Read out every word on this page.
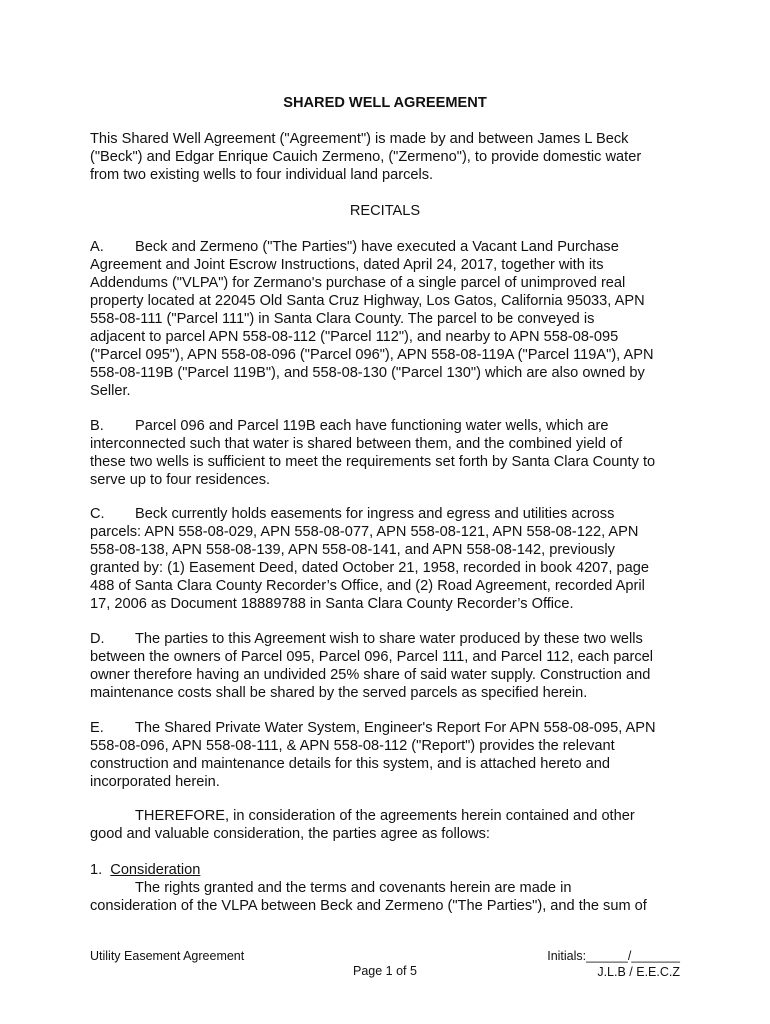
SHARED WELL AGREEMENT
This Shared Well Agreement ("Agreement") is made by and between James L Beck
("Beck") and Edgar Enrique Cauich Zermeno, ("Zermeno"), to provide domestic water
from two existing wells to four individual land parcels.
RECITALS
A. Beck and Zermeno ("The Parties") have executed a Vacant Land Purchase
Agreement and Joint Escrow Instructions, dated April 24, 2017, together with its
Addendums ("VLPA") for Zermano's purchase of a single parcel of unimproved real
property located at 22045 Old Santa Cruz Highway, Los Gatos, California 95033, APN
558-08-111 ("Parcel 111") in Santa Clara County. The parcel to be conveyed is
adjacent to parcel APN 558-08-112 ("Parcel 112"), and nearby to APN 558-08-095
("Parcel 095"), APN 558-08-096 ("Parcel 096"), APN 558-08-119A ("Parcel 119A"), APN
558-08-119B ("Parcel 119B"), and 558-08-130 ("Parcel 130") which are also owned by
Seller.
B. Parcel 096 and Parcel 119B each have functioning water wells, which are
interconnected such that water is shared between them, and the combined yield of
these two wells is sufficient to meet the requirements set forth by Santa Clara County to
serve up to four residences.
C. Beck currently holds easements for ingress and egress and utilities across
parcels: APN 558-08-029, APN 558-08-077, APN 558-08-121, APN 558-08-122, APN
558-08-138, APN 558-08-139, APN 558-08-141, and APN 558-08-142, previously
granted by: (1) Easement Deed, dated October 21, 1958, recorded in book 4207, page
488 of Santa Clara County Recorder’s Office, and (2) Road Agreement, recorded April
17, 2006 as Document 18889788 in Santa Clara County Recorder’s Office.
D. The parties to this Agreement wish to share water produced by these two wells
between the owners of Parcel 095, Parcel 096, Parcel 111, and Parcel 112, each parcel
owner therefore having an undivided 25% share of said water supply. Construction and
maintenance costs shall be shared by the served parcels as specified herein.
E. The Shared Private Water System, Engineer's Report For APN 558-08-095, APN
558-08-096, APN 558-08-111, & APN 558-08-112 ("Report") provides the relevant
construction and maintenance details for this system, and is attached hereto and
incorporated herein.
THEREFORE, in consideration of the agreements herein contained and other
good and valuable consideration, the parties agree as follows:
1. Consideration
The rights granted and the terms and covenants herein are made in
consideration of the VLPA between Beck and Zermeno ("The Parties"), and the sum of
Utility Easement Agreement
Page 1 of 5
Initials:______/_______
J.L.B / E.E.C.Z
